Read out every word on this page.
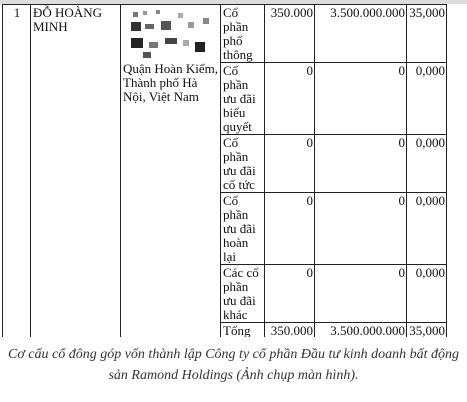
1	ĐỖ HOÀNG MINH	Quận Hoàn Kiếm, Thành phố Hà Nội, Việt Nam	Cổ phần phổ thông	350.000	3.500.000.000	35,000
			Cổ phần ưu đãi biểu quyết	0	0	0,000
			Cổ phần ưu đãi cổ tức	0	0	0,000
			Cổ phần ưu đãi hoàn lại	0	0	0,000
			Các cổ phần ưu đãi khác	0	0	0,000
			Tổng	350.000	3.500.000.000	35,000

Cơ cấu cổ đông góp vốn thành lập Công ty cổ phần Đầu tư kinh doanh bất động sản Ramond Holdings (Ảnh chụp màn hình).
